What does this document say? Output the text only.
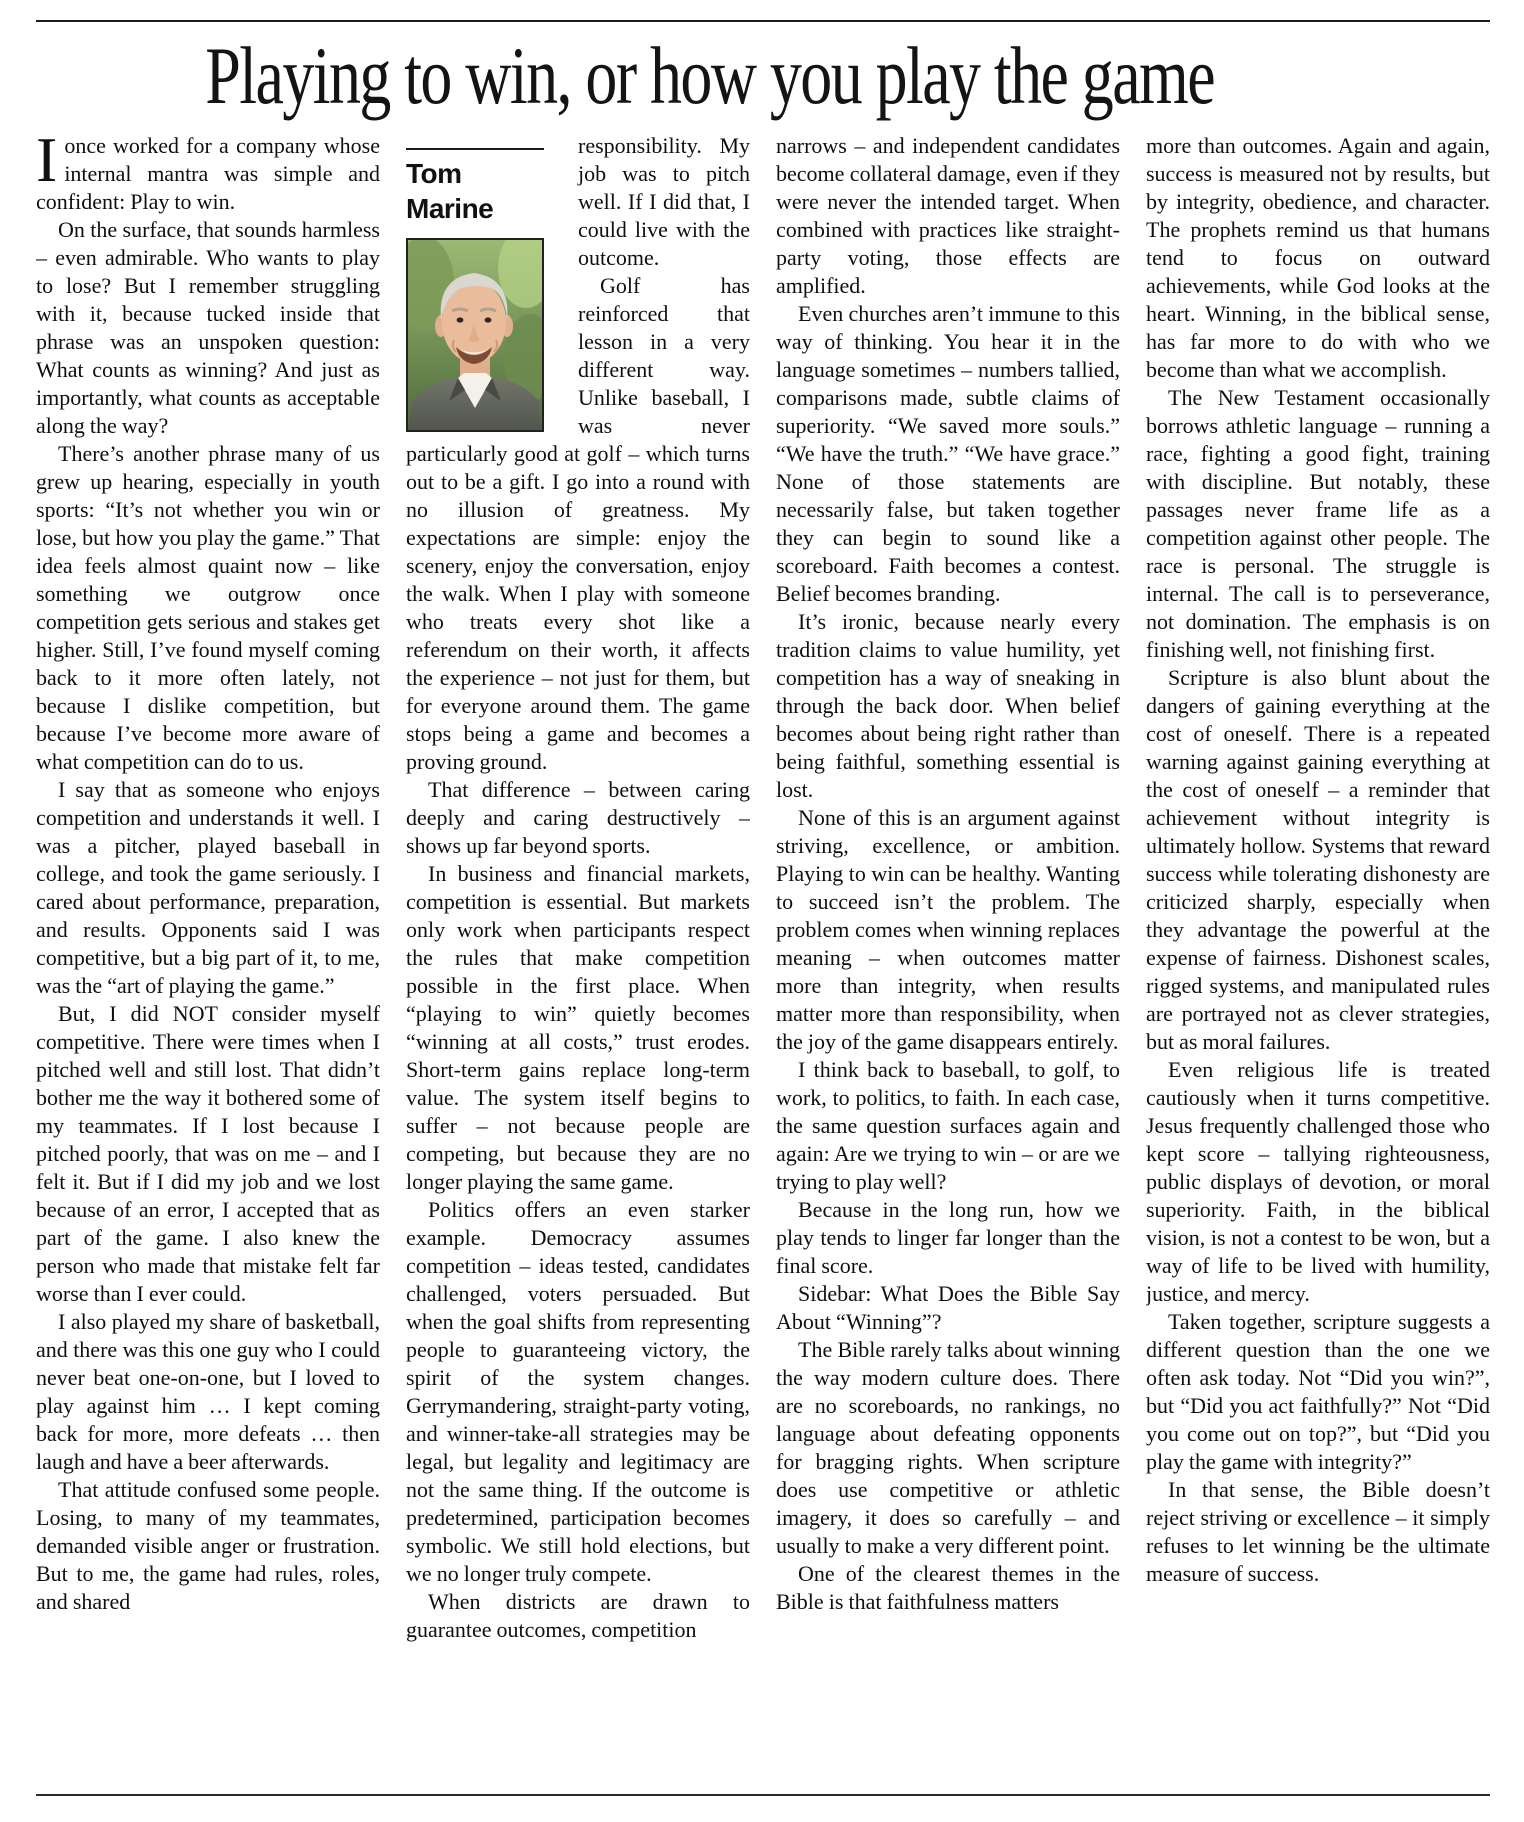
Playing to win, or how you play the game

Ionce worked for a company whose internal mantra was simple and confident: Play to win.

On the surface, that sounds harmless – even admirable. Who wants to play to lose? But I remember struggling with it, because tucked inside that phrase was an unspoken question: What counts as winning? And just as importantly, what counts as acceptable along the way?

There’s another phrase many of us grew up hearing, especially in youth sports: “It’s not whether you win or lose, but how you play the game.” That idea feels almost quaint now – like something we outgrow once competition gets serious and stakes get higher. Still, I’ve found myself coming back to it more often lately, not because I dislike competition, but because I’ve become more aware of what competition can do to us.

I say that as someone who enjoys competition and understands it well. I was a pitcher, played baseball in college, and took the game seriously. I cared about performance, preparation, and results. Opponents said I was competitive, but a big part of it, to me, was the “art of playing the game.”

But, I did NOT consider myself competitive. There were times when I pitched well and still lost. That didn’t bother me the way it bothered some of my teammates. If I lost because I pitched poorly, that was on me – and I felt it. But if I did my job and we lost because of an error, I accepted that as part of the game. I also knew the person who made that mistake felt far worse than I ever could.

I also played my share of basketball, and there was this one guy who I could never beat one-on-one, but I loved to play against him … I kept coming back for more, more defeats … then laugh and have a beer afterwards.

That attitude confused some people. Losing, to many of my teammates, demanded visible anger or frustration. But to me, the game had rules, roles, and shared

Tom
Marine

responsibility. My job was to pitch well. If I did that, I could live with the outcome.

Golf has reinforced that lesson in a very different way. Unlike baseball, I was never particularly good at golf – which turns out to be a gift. I go into a round with no illusion of greatness. My expectations are simple: enjoy the scenery, enjoy the conversation, enjoy the walk. When I play with someone who treats every shot like a referendum on their worth, it affects the experience – not just for them, but for everyone around them. The game stops being a game and becomes a proving ground.

That difference – between caring deeply and caring destructively – shows up far beyond sports.

In business and financial markets, competition is essential. But markets only work when participants respect the rules that make competition possible in the first place. When “playing to win” quietly becomes “winning at all costs,” trust erodes. Short-term gains replace long-term value. The system itself begins to suffer – not because people are competing, but because they are no longer playing the same game.

Politics offers an even starker example. Democracy assumes competition – ideas tested, candidates challenged, voters persuaded. But when the goal shifts from representing people to guaranteeing victory, the spirit of the system changes. Gerrymandering, straight-party voting, and winner-take-all strategies may be legal, but legality and legitimacy are not the same thing. If the outcome is predetermined, participation becomes symbolic. We still hold elections, but we no longer truly compete.

When districts are drawn to guarantee outcomes, competition

narrows – and independent candidates become collateral damage, even if they were never the intended target. When combined with practices like straight-party voting, those effects are amplified.

Even churches aren’t immune to this way of thinking. You hear it in the language sometimes – numbers tallied, comparisons made, subtle claims of superiority. “We saved more souls.” “We have the truth.” “We have grace.” None of those statements are necessarily false, but taken together they can begin to sound like a scoreboard. Faith becomes a contest. Belief becomes branding.

It’s ironic, because nearly every tradition claims to value humility, yet competition has a way of sneaking in through the back door. When belief becomes about being right rather than being faithful, something essential is lost.

None of this is an argument against striving, excellence, or ambition. Playing to win can be healthy. Wanting to succeed isn’t the problem. The problem comes when winning replaces meaning – when outcomes matter more than integrity, when results matter more than responsibility, when the joy of the game disappears entirely.

I think back to baseball, to golf, to work, to politics, to faith. In each case, the same question surfaces again and again: Are we trying to win – or are we trying to play well?

Because in the long run, how we play tends to linger far longer than the final score.

Sidebar: What Does the Bible Say About “Winning”?

The Bible rarely talks about winning the way modern culture does. There are no scoreboards, no rankings, no language about defeating opponents for bragging rights. When scripture does use competitive or athletic imagery, it does so carefully – and usually to make a very different point.

One of the clearest themes in the Bible is that faithfulness matters

more than outcomes. Again and again, success is measured not by results, but by integrity, obedience, and character. The prophets remind us that humans tend to focus on outward achievements, while God looks at the heart. Winning, in the biblical sense, has far more to do with who we become than what we accomplish.

The New Testament occasionally borrows athletic language – running a race, fighting a good fight, training with discipline. But notably, these passages never frame life as a competition against other people. The race is personal. The struggle is internal. The call is to perseverance, not domination. The emphasis is on finishing well, not finishing first.

Scripture is also blunt about the dangers of gaining everything at the cost of oneself. There is a repeated warning against gaining everything at the cost of oneself – a reminder that achievement without integrity is ultimately hollow. Systems that reward success while tolerating dishonesty are criticized sharply, especially when they advantage the powerful at the expense of fairness. Dishonest scales, rigged systems, and manipulated rules are portrayed not as clever strategies, but as moral failures.

Even religious life is treated cautiously when it turns competitive. Jesus frequently challenged those who kept score – tallying righteousness, public displays of devotion, or moral superiority. Faith, in the biblical vision, is not a contest to be won, but a way of life to be lived with humility, justice, and mercy.

Taken together, scripture suggests a different question than the one we often ask today. Not “Did you win?”, but “Did you act faithfully?” Not “Did you come out on top?”, but “Did you play the game with integrity?”

In that sense, the Bible doesn’t reject striving or excellence – it simply refuses to let winning be the ultimate measure of success.
